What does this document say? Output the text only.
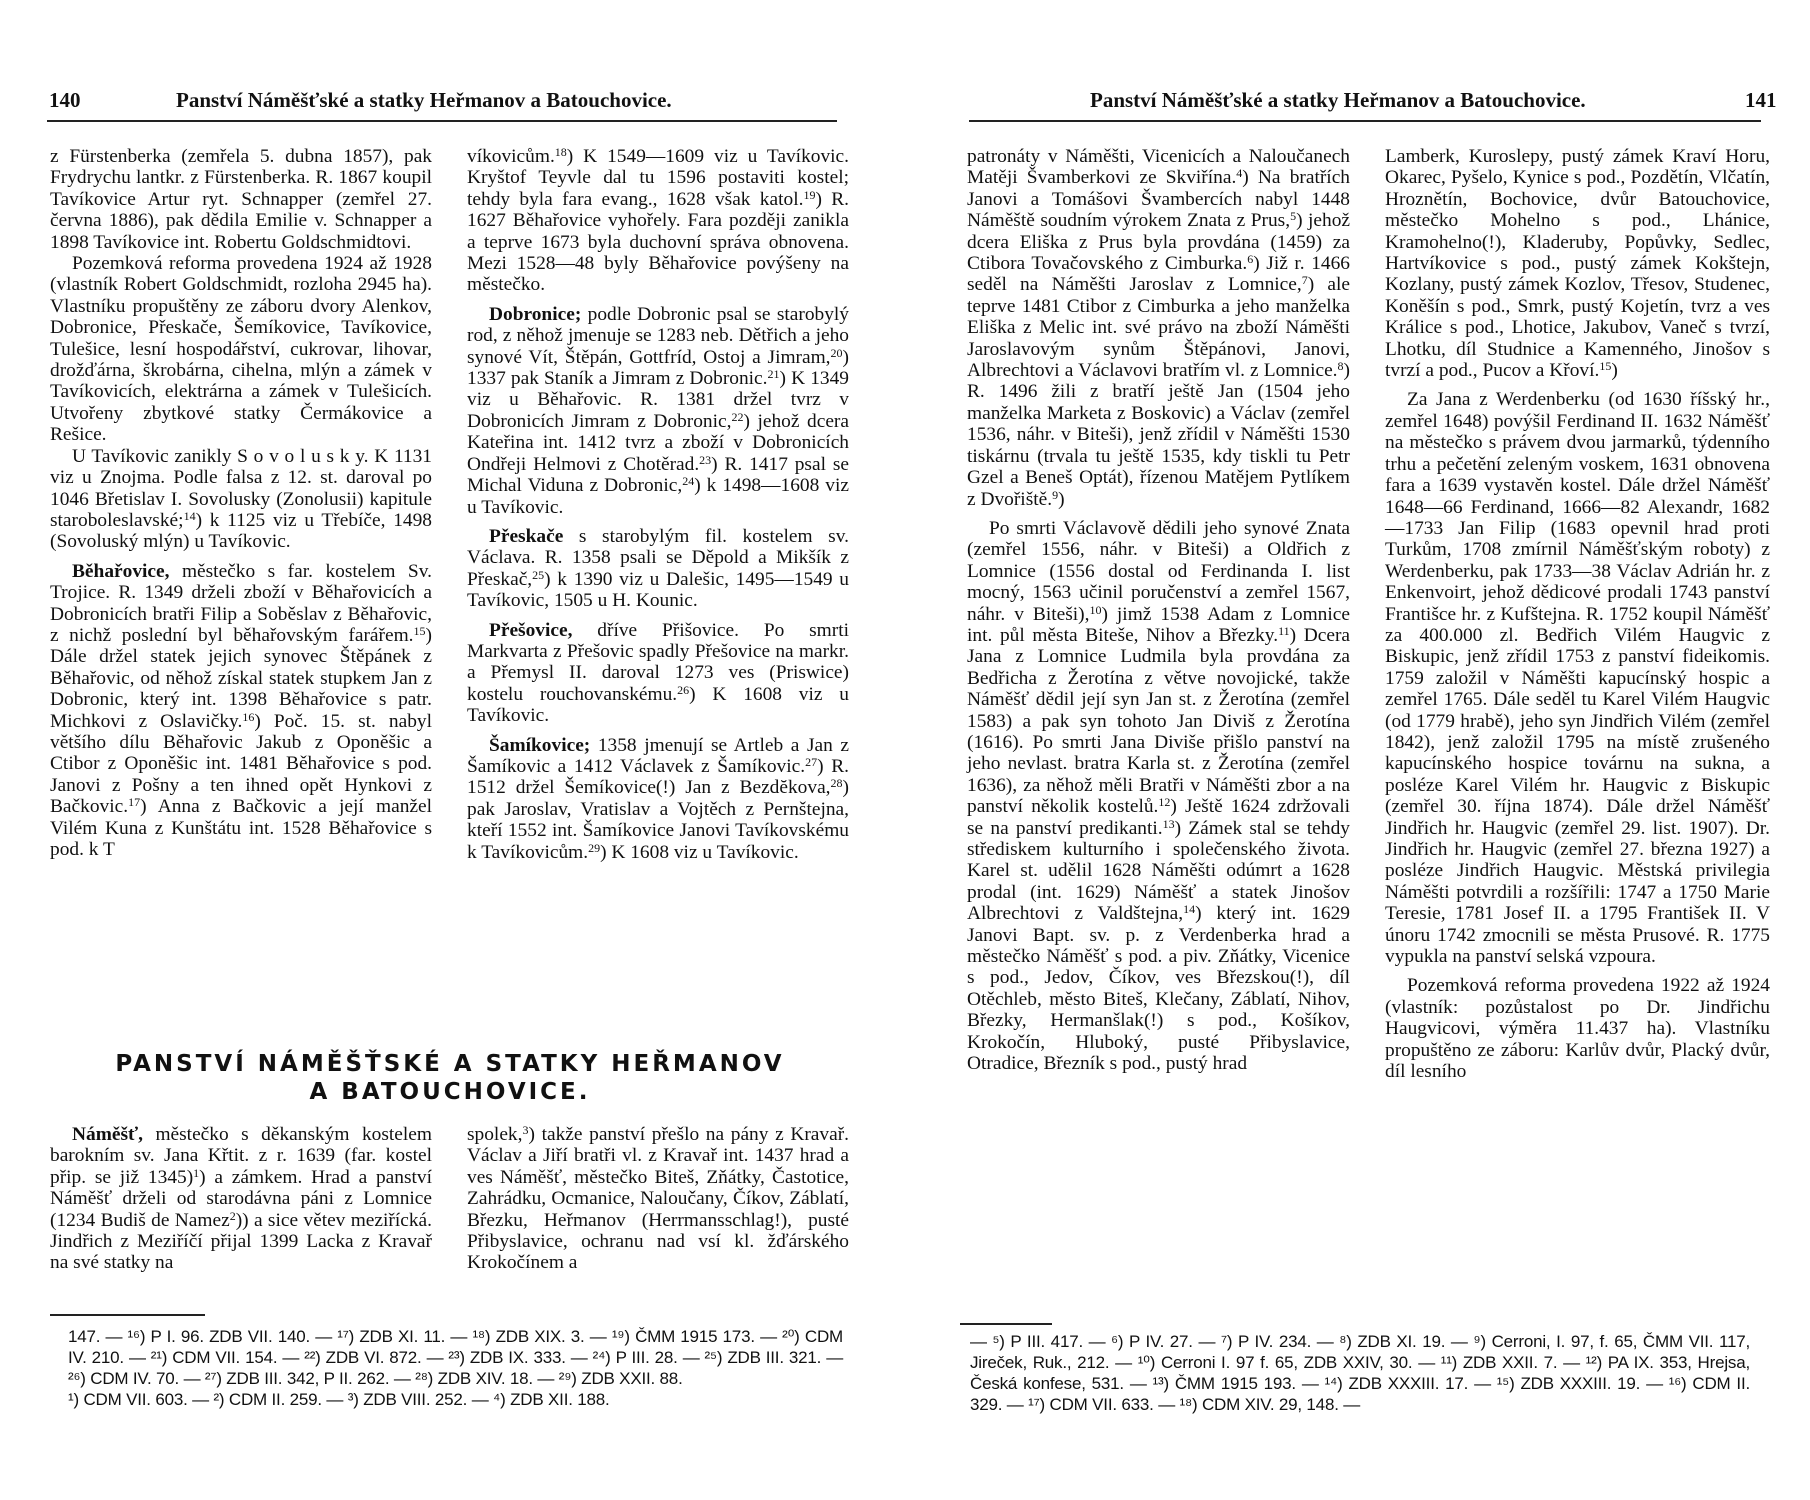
140	Panství Náměšťské a statky Heřmanov a Batouchovice.

z Fürstenberka (zemřela 5. dubna 1857), pak Frydrychu lantkr. z Fürstenberka. R. 1867 koupil Tavíkovice Artur ryt. Schnapper (zemřel 27. června 1886), pak dědila Emilie v. Schnapper a 1898 Tavíkovice int. Robertu Goldschmidtovi.

Pozemková reforma provedena 1924 až 1928 (vlastník Robert Goldschmidt, rozloha 2945 ha). Vlastníku propuštěny ze záboru dvory Alenkov, Dobronice, Přeskače, Šemíkovice, Tavíkovice, Tulešice, lesní hospodářství, cukrovar, lihovar, drožďárna, škrobárna, cihelna, mlýn a zámek v Tavíkovicích, elektrárna a zámek v Tulešicích. Utvořeny zbytkové statky Čermákovice a Rešice.

U Tavíkovic zanikly S o v o l u s k y. K 1131 viz u Znojma. Podle falsa z 12. st. daroval po 1046 Břetislav I. Sovolusky (Zonolusii) kapitule staroboleslavské;$^{14}$) k 1125 viz u Třebíče, 1498 (Sovoluský mlýn) u Tavíkovic.

Běhařovice, městečko s far. kostelem Sv. Trojice. R. 1349 drželi zboží v Běhařovicích a Dobronicích bratři Filip a Soběslav z Běhařovic, z nichž poslední byl běhařovským farářem.$^{15}$) Dále držel statek jejich synovec Štěpánek z Běhařovic, od něhož získal statek stupkem Jan z Dobronic, který int. 1398 Běhařovice s patr. Michkovi z Oslavičky.$^{16}$) Poč. 15. st. nabyl většího dílu Běhařovic Jakub z Oponěšic a Ctibor z Oponěšic int. 1481 Běhařovice s pod. Janovi z Pošny a ten ihned opět Hynkovi z Bačkovic.$^{17}$) Anna z Bačkovic a její manžel Vilém Kuna z Kunštátu int. 1528 Běhařovice s pod. k T

víkovicům.$^{18}$) K 1549—1609 viz u Tavíkovic. Kryštof Teyvle dal tu 1596 postaviti kostel; tehdy byla fara evang., 1628 však katol.$^{19}$) R. 1627 Běhařovice vyhořely. Fara později zanikla a teprve 1673 byla duchovní správa obnovena. Mezi 1528—48 byly Běhařovice povýšeny na městečko.

Dobronice; podle Dobronic psal se starobylý rod, z něhož jmenuje se 1283 neb. Dětřich a jeho synové Vít, Štěpán, Gottfríd, Ostoj a Jimram,$^{20}$) 1337 pak Staník a Jimram z Dobronic.$^{21}$) K 1349 viz u Běhařovic. R. 1381 držel tvrz v Dobronicích Jimram z Dobronic,$^{22}$) jehož dcera Kateřina int. 1412 tvrz a zboží v Dobronicích Ondřeji Helmovi z Chotěrad.$^{23}$) R. 1417 psal se Michal Viduna z Dobronic,$^{24}$) k 1498—1608 viz u Tavíkovic.

Přeskače s starobylým fil. kostelem sv. Václava. R. 1358 psali se Děpold a Mikšík z Přeskač,$^{25}$) k 1390 viz u Dalešic, 1495—1549 u Tavíkovic, 1505 u H. Kounic.

Přešovice, dříve Přišovice. Po smrti Markvarta z Přešovic spadly Přešovice na markr. a Přemysl II. daroval 1273 ves (Priswice) kostelu rouchovanskému.$^{26}$) K 1608 viz u Tavíkovic.

Šamíkovice; 1358 jmenují se Artleb a Jan z Šamíkovic a 1412 Václavek z Šamíkovic.$^{27}$) R. 1512 držel Šemíkovice(!) Jan z Bezdĕkova,$^{28}$) pak Jaroslav, Vratislav a Vojtěch z Pernštejna, kteří 1552 int. Šamíkovice Janovi Tavíkovskému k Tavíkovicům.$^{29}$) K 1608 viz u Tavíkovic.

PANSTVÍ NÁMĚŠŤSKÉ A STATKY HEŘMANOV
A BATOUCHOVICE.

Náměšť, městečko s děkanským kostelem barokním sv. Jana Křtit. z r. 1639 (far. kostel přip. se již 1345)$^1$) a zámkem. Hrad a panství Náměšť drželi od starodávna páni z Lomnice (1234 Budiš de Namez$^2$)) a sice větev meziřícká. Jindřich z Meziříčí přijal 1399 Lacka z Kravař na své statky na

spolek,$^3$) takže panství přešlo na pány z Kravař. Václav a Jiří bratři vl. z Kravař int. 1437 hrad a ves Náměšť, městečko Biteš, Zňátky, Častotice, Zahrádku, Ocmanice, Naloučany, Číkov, Záblatí, Březku, Heřmanov (Herrmansschlag!), pusté Přibyslavice, ochranu nad vsí kl. žďárského Krokočínem a

147. — ¹⁶) P I. 96. ZDB VII. 140. — ¹⁷) ZDB XI. 11. — ¹⁸) ZDB XIX. 3. — ¹⁹) ČMM 1915 173. — ²⁰) CDM IV. 210. — ²¹) CDM VII. 154. — ²²) ZDB VI. 872. — ²³) ZDB IX. 333. — ²⁴) P III. 28. — ²⁵) ZDB III. 321. — ²⁶) CDM IV. 70. — ²⁷) ZDB III. 342, P II. 262. — ²⁸) ZDB XIV. 18. — ²⁹) ZDB XXII. 88.
¹) CDM VII. 603. — ²) CDM II. 259. — ³) ZDB VIII. 252. — ⁴) ZDB XII. 188.
Panství Náměšťské a statky Heřmanov a Batouchovice.	141

patronáty v Náměšti, Vicenicích a Naloučanech Matěji Švamberkovi ze Skviřína.$^4$) Na bratřích Janovi a Tomášovi Švambercích nabyl 1448 Náměště soudním výrokem Znata z Prus,$^5$) jehož dcera Eliška z Prus byla provdána (1459) za Ctibora Tovačovského z Cimburka.$^6$) Již r. 1466 seděl na Náměšti Jaroslav z Lomnice,$^7$) ale teprve 1481 Ctibor z Cimburka a jeho manželka Eliška z Melic int. své právo na zboží Náměšti Jaroslavovým synům Štěpánovi, Janovi, Albrechtovi a Václavovi bratřím vl. z Lomnice.$^8$) R. 1496 žili z bratří ještě Jan (1504 jeho manželka Marketa z Boskovic) a Václav (zemřel 1536, náhr. v Biteši), jenž zřídil v Náměšti 1530 tiskárnu (trvala tu ještě 1535, kdy tiskli tu Petr Gzel a Beneš Optát), řízenou Matějem Pytlíkem z Dvořiště.$^9$)

Po smrti Václavově dědili jeho synové Znata (zemřel 1556, náhr. v Biteši) a Oldřich z Lomnice (1556 dostal od Ferdinanda I. list mocný, 1563 učinil poručenství a zemřel 1567, náhr. v Biteši),$^{10}$) jimž 1538 Adam z Lomnice int. půl města Biteše, Nihov a Březky.$^{11}$) Dcera Jana z Lomnice Ludmila byla provdána za Bedřicha z Žerotína z větve novojické, takže Náměšť dědil její syn Jan st. z Žerotína (zemřel 1583) a pak syn tohoto Jan Diviš z Žerotína (1616). Po smrti Jana Diviše přišlo panství na jeho nevlast. bratra Karla st. z Žerotína (zemřel 1636), za něhož měli Bratři v Náměšti zbor a na panství několik kostelů.$^{12}$) Ještě 1624 zdržovali se na panství predikanti.$^{13}$) Zámek stal se tehdy střediskem kulturního i společenského života. Karel st. udělil 1628 Náměšti odúmrt a 1628 prodal (int. 1629) Náměšť a statek Jinošov Albrechtovi z Valdštejna,$^{14}$) který int. 1629 Janovi Bapt. sv. p. z Verdenberka hrad a městečko Náměšť s pod. a piv. Zňátky, Vicenice s pod., Jedov, Číkov, ves Březskou(!), díl Otěchleb, město Biteš, Klečany, Záblatí, Nihov, Březky, Hermanšlak(!) s pod., Košíkov, Krokočín, Hluboký, pusté Přibyslavice, Otradice, Březník s pod., pustý hrad

Lamberk, Kuroslepy, pustý zámek Kraví Horu, Okarec, Pyšelo, Kynice s pod., Pozdětín, Vlčatín, Hroznětín, Bochovice, dvůr Batouchovice, městečko Mohelno s pod., Lhánice, Kramohelno(!), Kladeruby, Popůvky, Sedlec, Hartvíkovice s pod., pustý zámek Kokštejn, Kozlany, pustý zámek Kozlov, Třesov, Studenec, Koněšín s pod., Smrk, pustý Kojetín, tvrz a ves Králice s pod., Lhotice, Jakubov, Vaneč s tvrzí, Lhotku, díl Studnice a Kamenného, Jinošov s tvrzí a pod., Pucov a Křoví.$^{15}$)

Za Jana z Werdenberku (od 1630 říšský hr., zemřel 1648) povýšil Ferdinand II. 1632 Náměšť na městečko s právem dvou jarmarků, týdenního trhu a pečetění zeleným voskem, 1631 obnovena fara a 1639 vystavěn kostel. Dále držel Náměšť 1648—66 Ferdinand, 1666—82 Alexandr, 1682—1733 Jan Filip (1683 opevnil hrad proti Turkům, 1708 zmírnil Náměšťským roboty) z Werdenberku, pak 1733—38 Václav Adrián hr. z Enkenvoirt, jehož dědicové prodali 1743 panství Františce hr. z Kufštejna. R. 1752 koupil Náměšť za 400.000 zl. Bedřich Vilém Haugvic z Biskupic, jenž zřídil 1753 z panství fideikomis. 1759 založil v Náměšti kapucínský hospic a zemřel 1765. Dále seděl tu Karel Vilém Haugvic (od 1779 hrabě), jeho syn Jindřich Vilém (zemřel 1842), jenž založil 1795 na místě zrušeného kapucínského hospice továrnu na sukna, a posléze Karel Vilém hr. Haugvic z Biskupic (zemřel 30. října 1874). Dále držel Náměšť Jindřich hr. Haugvic (zemřel 29. list. 1907). Dr. Jindřich hr. Haugvic (zemřel 27. března 1927) a posléze Jindřich Haugvic. Městská privilegia Náměšti potvrdili a rozšířili: 1747 a 1750 Marie Teresie, 1781 Josef II. a 1795 František II. V únoru 1742 zmocnili se města Prusové. R. 1775 vypukla na panství selská vzpoura.

Pozemková reforma provedena 1922 až 1924 (vlastník: pozůstalost po Dr. Jindřichu Haugvicovi, výměra 11.437 ha). Vlastníku propuštěno ze záboru: Karlův dvůr, Placký dvůr, díl lesního

— ⁵) P III. 417. — ⁶) P IV. 27. — ⁷) P IV. 234. — ⁸) ZDB XI. 19. — ⁹) Cerroni, I. 97, f. 65, ČMM VII. 117, Jireček, Ruk., 212. — ¹⁰) Cerroni I. 97 f. 65, ZDB XXIV, 30. — ¹¹) ZDB XXII. 7. — ¹²) PA IX. 353, Hrejsa, Česká konfese, 531. — ¹³) ČMM 1915 193. — ¹⁴) ZDB XXXIII. 17. — ¹⁵) ZDB XXXIII. 19. — ¹⁶) CDM II. 329. — ¹⁷) CDM VII. 633. — ¹⁸) CDM XIV. 29, 148. —
